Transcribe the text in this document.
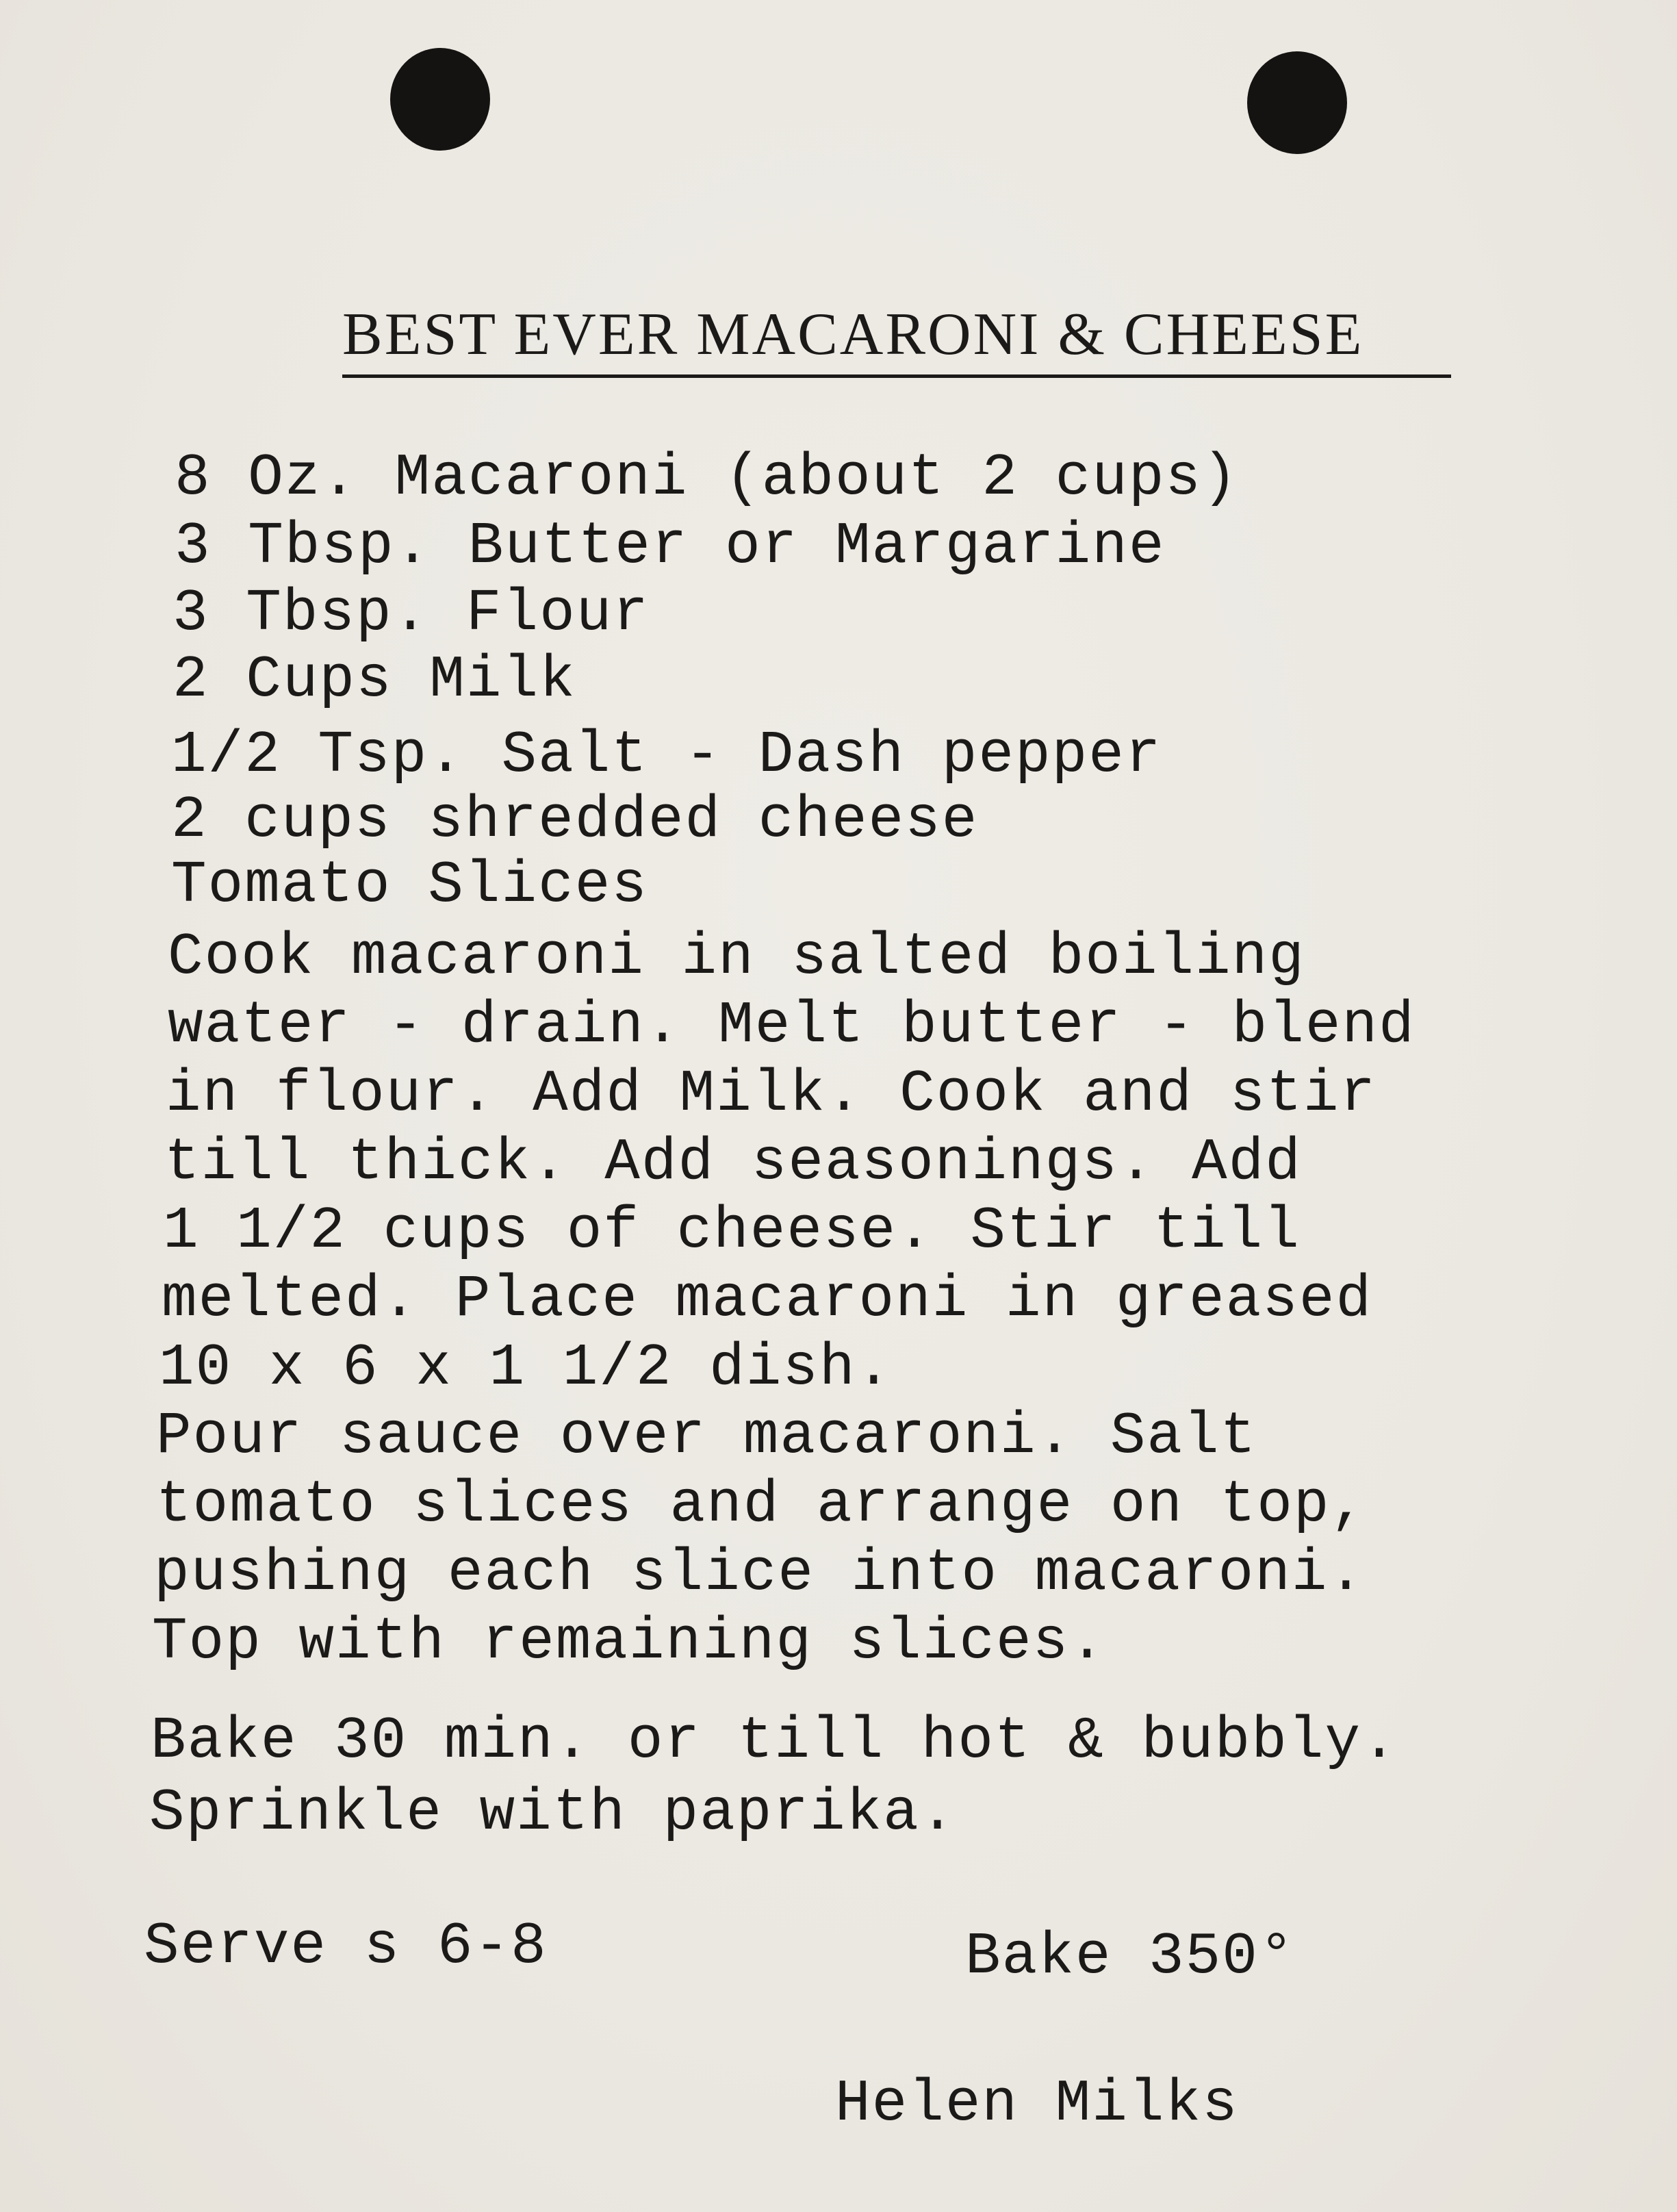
BEST EVER MACARONI & CHEESE
8 Oz. Macaroni (about 2 cups)
3 Tbsp. Butter or Margarine
3 Tbsp. Flour
2 Cups Milk
1/2 Tsp. Salt - Dash pepper
2 cups shredded cheese
Tomato Slices
Cook macaroni in salted boiling
water - drain. Melt butter - blend
in flour. Add Milk. Cook and stir
till thick. Add seasonings. Add
1 1/2 cups of cheese. Stir till
melted. Place macaroni in greased
10 x 6 x 1 1/2 dish.
Pour sauce over macaroni. Salt
tomato slices and arrange on top,
pushing each slice into macaroni.
Top with remaining slices.
Bake 30 min. or till hot & bubbly.
Sprinkle with paprika.
Serve s 6-8	Bake 350°
Helen Milks
